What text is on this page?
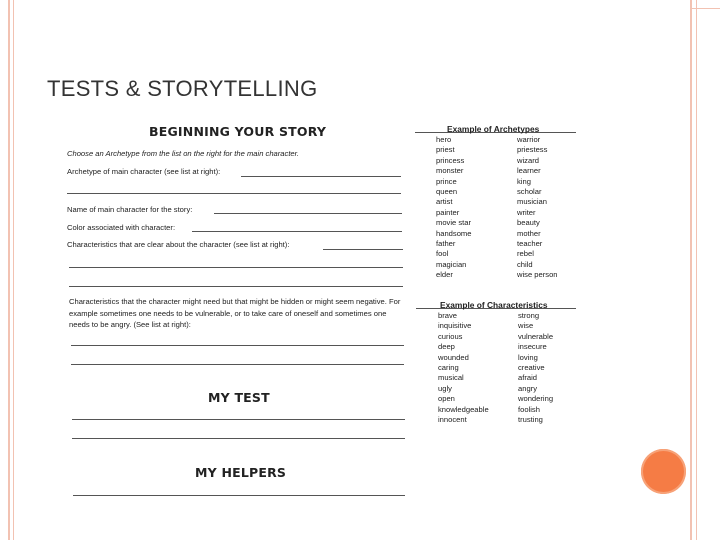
TESTS & STORYTELLING
BEGINNING YOUR STORY
Choose an Archetype from the list on the right for the main character.
Archetype of main character (see list at right):
Name of main character for the story:
Color associated with character:
Characteristics that are clear about the character (see list at right):
Characteristics that the character might need but that might be hidden or might seem negative. For example sometimes one needs to be vulnerable, or to take care of oneself and sometimes one needs to be angry. (See list at right):
MY TEST
MY HELPERS
Example of Archetypes
hero
priest
princess
monster
prince
queen
artist
painter
movie star
handsome
father
fool
magician
elder
warrior
priestess
wizard
learner
king
scholar
musician
writer
beauty
mother
teacher
rebel
child
wise person
Example of Characteristics
brave
inquisitive
curious
deep
wounded
caring
musical
ugly
open
knowledgeable
innocent
strong
wise
vulnerable
insecure
loving
creative
afraid
angry
wondering
foolish
trusting
